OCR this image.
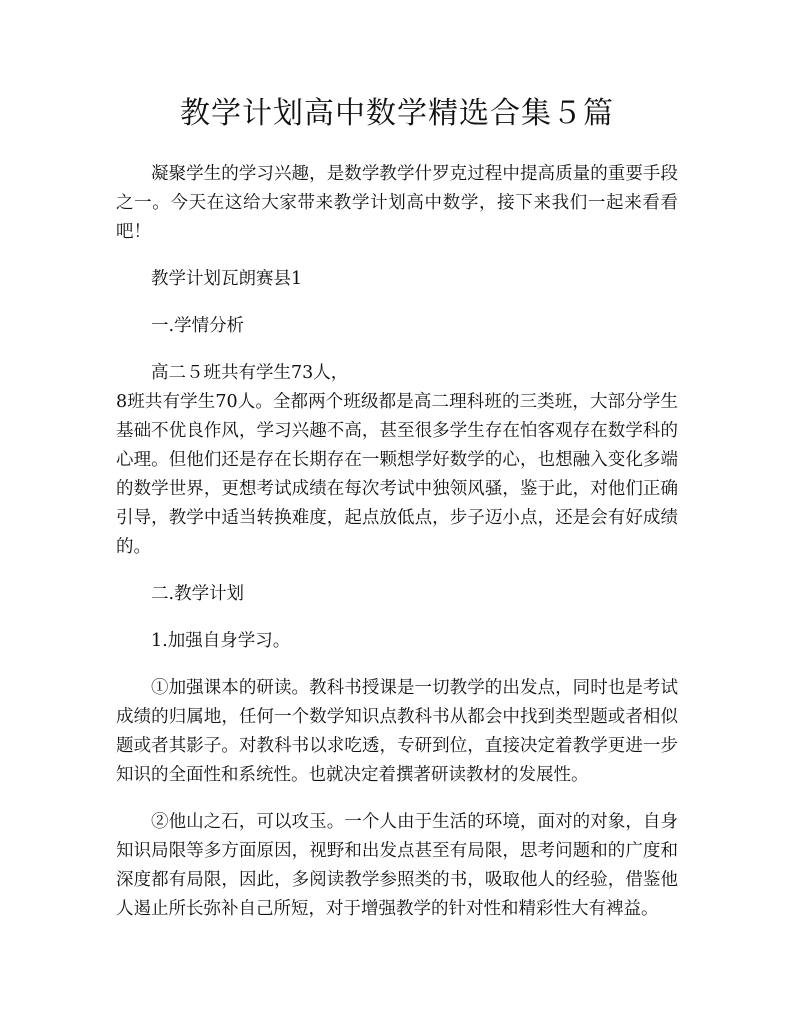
教学计划高中数学精选合集５篇

凝聚学生的学习兴趣，是数学教学什罗克过程中提高质量的重要手段之一。今天在这给大家带来教学计划高中数学，接下来我们一起来看看吧！

教学计划瓦朗赛县1

一.学情分析

高二５班共有学生73人，
8班共有学生70人。全都两个班级都是高二理科班的三类班，大部分学生基础不优良作风，学习兴趣不高，甚至很多学生存在怕客观存在数学科的心理。但他们还是存在长期存在一颗想学好数学的心，也想融入变化多端的数学世界，更想考试成绩在每次考试中独领风骚，鉴于此，对他们正确引导，教学中适当转换难度，起点放低点，步子迈小点，还是会有好成绩的。

二.教学计划

1.加强自身学习。

①加强课本的研读。教科书授课是一切教学的出发点，同时也是考试成绩的归属地，任何一个数学知识点教科书从都会中找到类型题或者相似题或者其影子。对教科书以求吃透，专研到位，直接决定着教学更进一步知识的全面性和系统性。也就决定着撰著研读教材的发展性。

②他山之石，可以攻玉。一个人由于生活的环境，面对的对象，自身知识局限等多方面原因，视野和出发点甚至有局限，思考问题和的广度和深度都有局限，因此，多阅读教学参照类的书，吸取他人的经验，借鉴他人遏止所长弥补自己所短，对于增强教学的针对性和精彩性大有裨益。
